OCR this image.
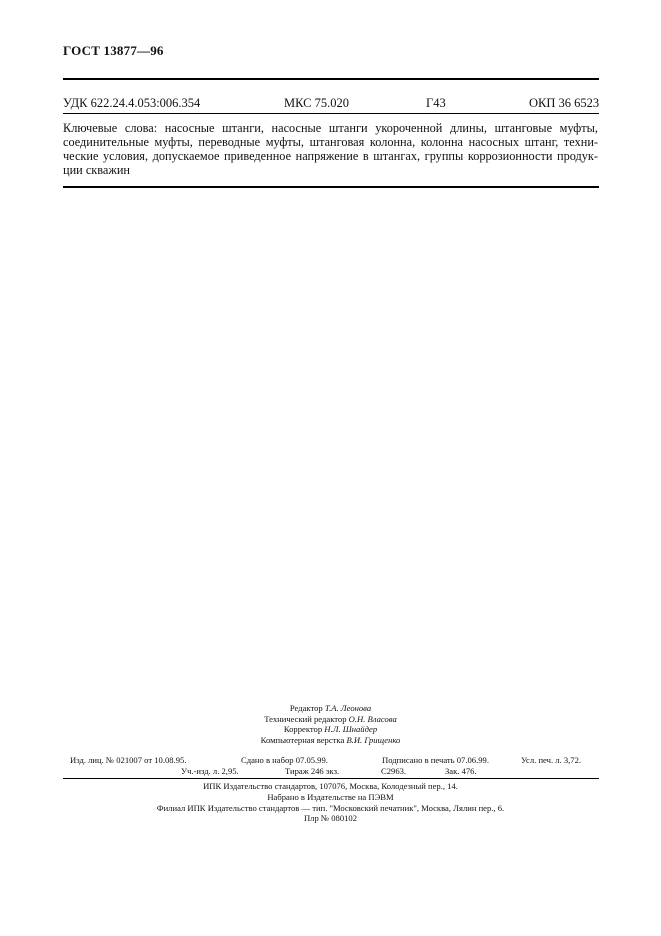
ГОСТ 13877—96
УДК 622.24.4.053:006.354	МКС 75.020	Г43	ОКП 36 6523
Ключевые слова: насосные штанги, насосные штанги укороченной длины, штанговые муфты,
соединительные муфты, переводные муфты, штанговая колонна, колонна насосных штанг, техни-
ческие условия, допускаемое приведенное напряжение в штангах, группы коррозионности продук-
ции скважин
Редактор Т.А. Леонова
Технический редактор О.Н. Власова
Корректор Н.Л. Шнайдер
Компьютерная верстка В.И. Грищенко
Изд. лиц. № 021007 от 10.08.95.	Сдано в набор 07.05.99.	Подписано в печать 07.06.99.	Усл. печ. л. 3,72.
Уч.-изд. л. 2,95.	Тираж 246 экз.	С2963.	Зак. 476.
ИПК Издательство стандартов, 107076, Москва, Колодезный пер., 14.
Набрано в Издательстве на ПЭВМ
Филиал ИПК Издательство стандартов — тип. "Московский печатник", Москва, Лялин пер., 6.
Плр № 080102
